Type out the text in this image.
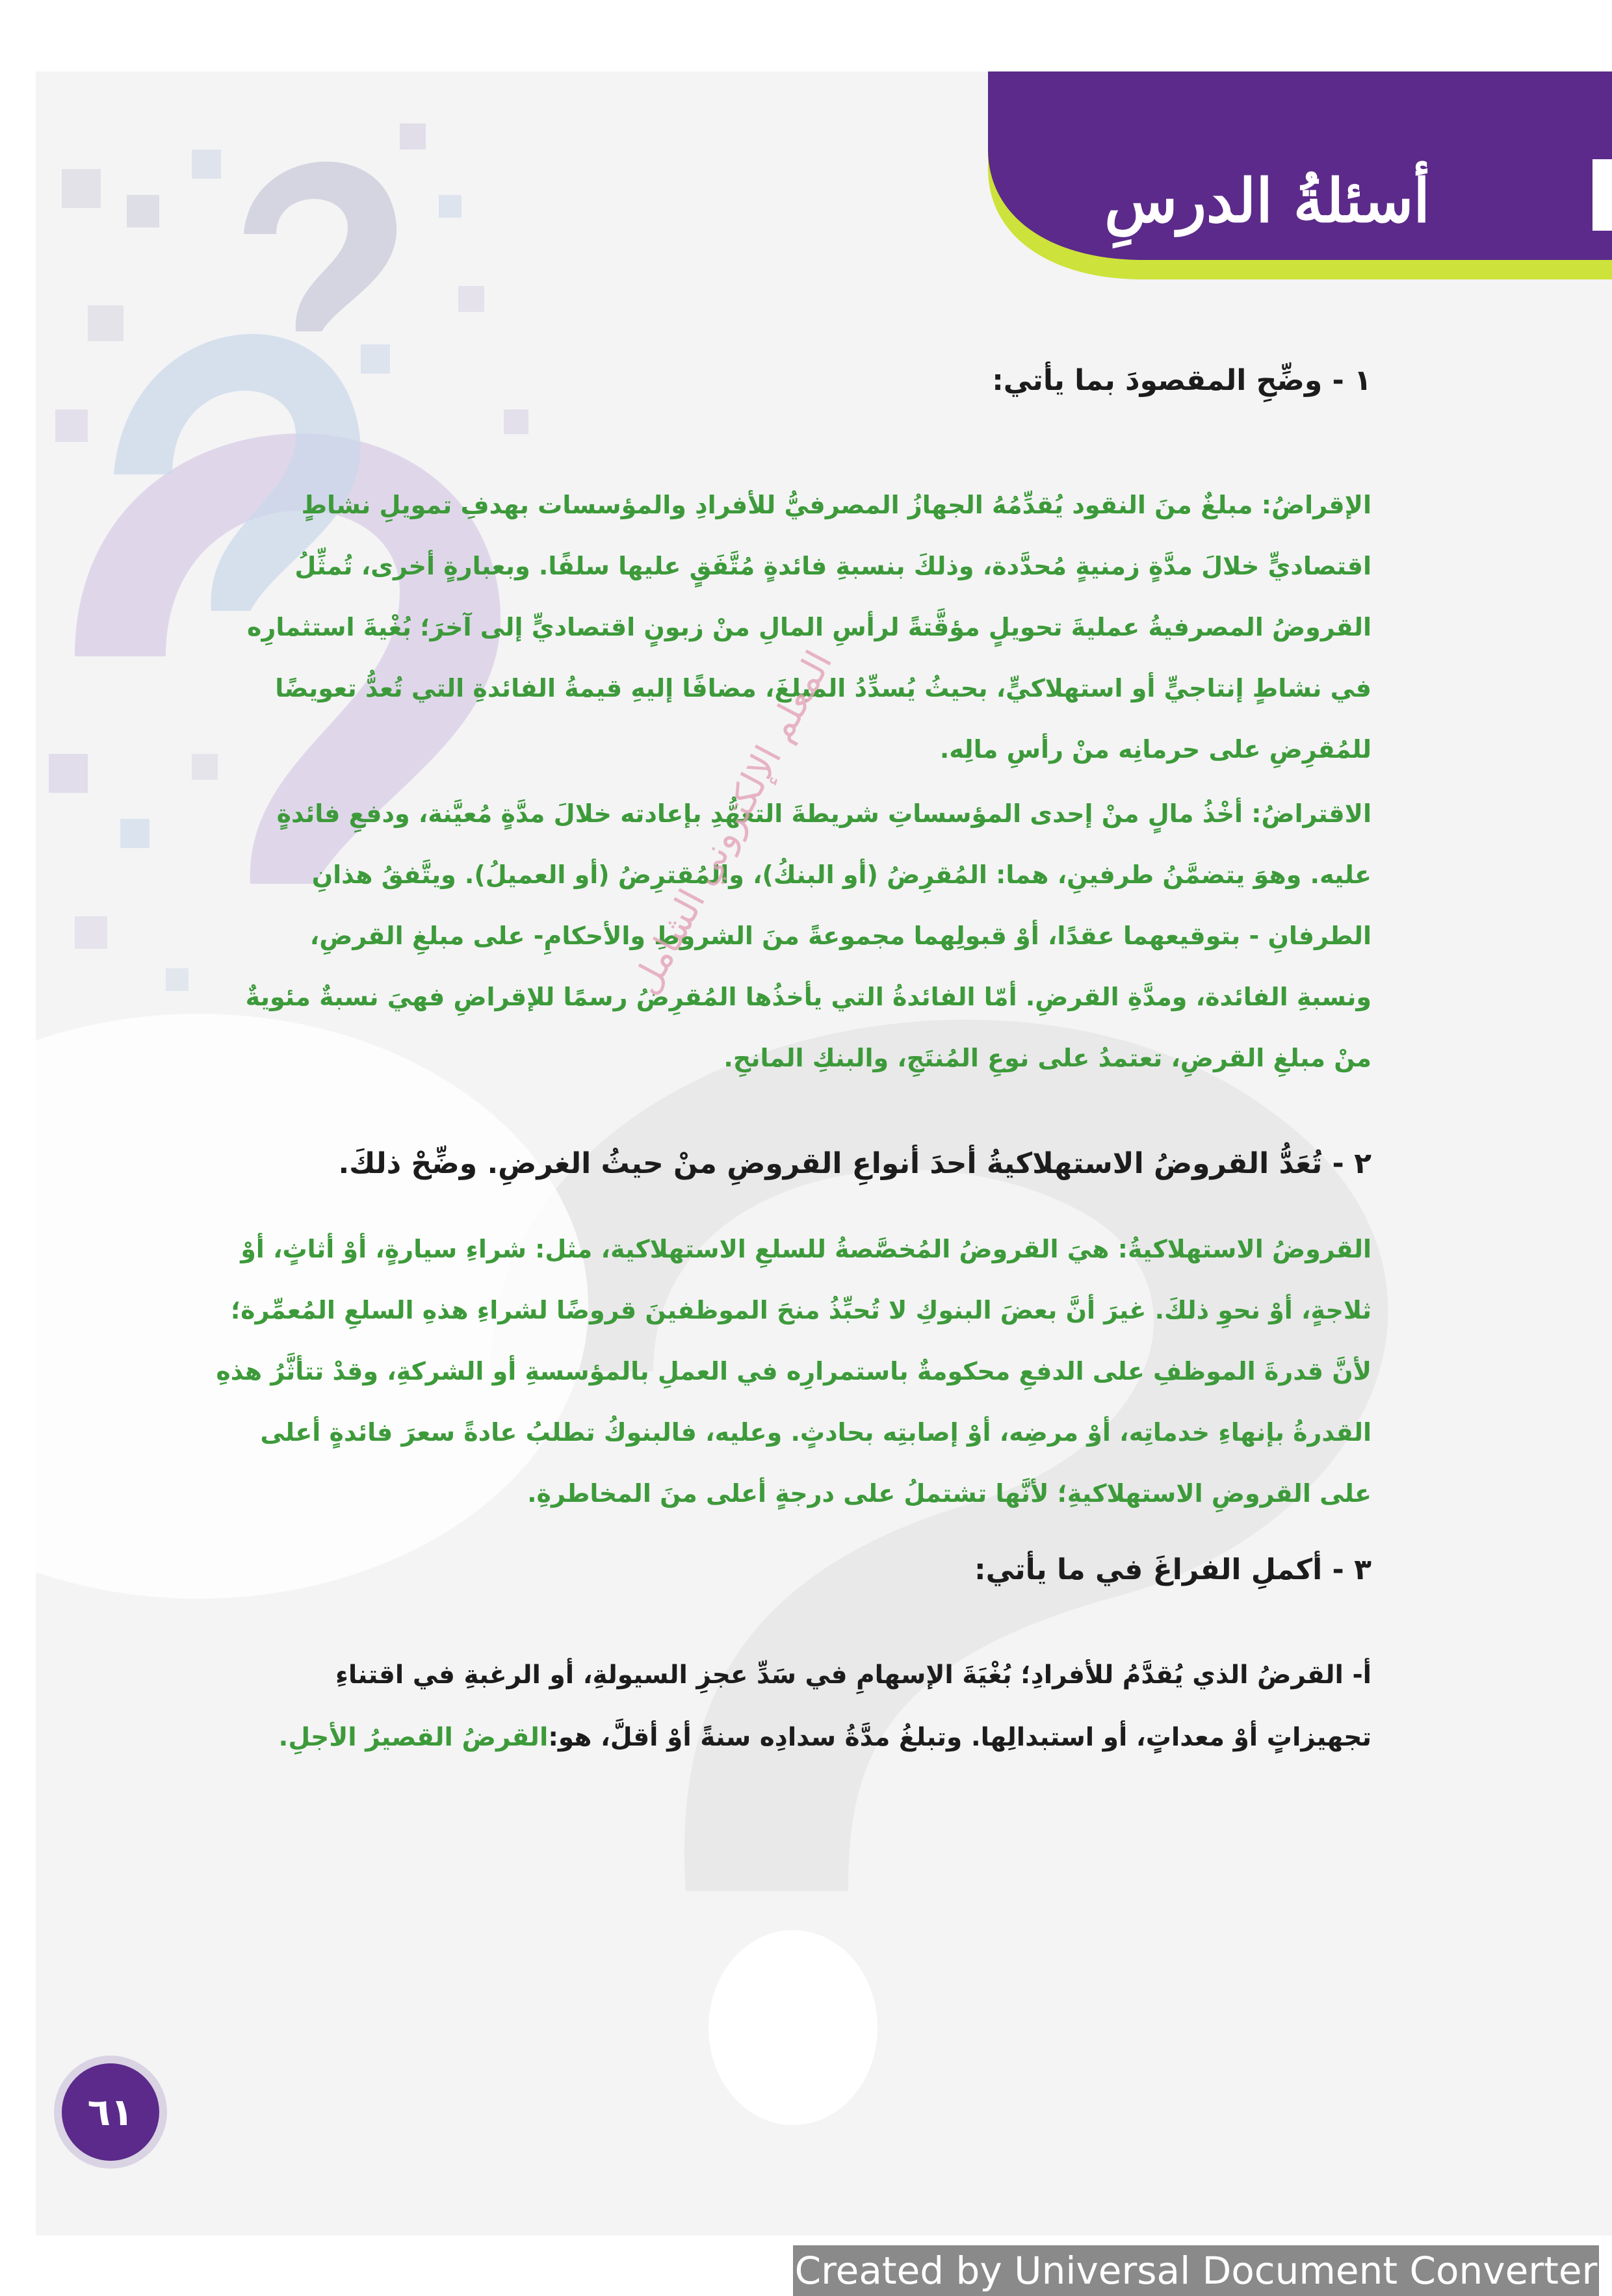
أسئلةُ الدرسِ
١ - وضِّحِ المقصودَ بما يأتي:
الإقراضُ: مبلغٌ منَ النقود يُقدِّمُهُ الجهازُ المصرفيُّ للأفرادِ والمؤسسات بهدفِ تمويلِ نشاطٍ
اقتصاديٍّ خلالَ مدَّةٍ زمنيةٍ مُحدَّدة، وذلكَ بنسبةِ فائدةٍ مُتَّفَقٍ عليها سلفًا. وبعبارةٍ أخرى، تُمثِّلُ
القروضُ المصرفيةُ عمليةَ تحويلٍ مؤقَّتةً لرأسِ المالِ منْ زبونٍ اقتصاديٍّ إلى آخرَ؛ بُغْيةَ استثمارِه
في نشاطٍ إنتاجيٍّ أو استهلاكيٍّ، بحيثُ يُسدِّدُ المبلغَ، مضافًا إليهِ قيمةُ الفائدةِ التي تُعدُّ تعويضًا
للمُقرِضِ على حرمانِه منْ رأسِ مالِه.
الاقتراضُ: أخْذُ مالٍ منْ إحدى المؤسساتِ شريطةَ التعهُّدِ بإعادته خلالَ مدَّةٍ مُعيَّنة، ودفعِ فائدةٍ
عليه. وهوَ يتضمَّنُ طرفينِ، هما: المُقرِضُ (أو البنكُ)، والمُقترِضُ (أو العميلُ). ويتَّفقُ هذانِ
الطرفانِ - بتوقيعهما عقدًا، أوْ قبولِهما مجموعةً منَ الشروطِ والأحكامِ- على مبلغِ القرضِ،
ونسبةِ الفائدة، ومدَّةِ القرضِ. أمّا الفائدةُ التي يأخذُها المُقرِضُ رسمًا للإقراضِ فهيَ نسبةٌ مئويةٌ
منْ مبلغِ القرضِ، تعتمدُ على نوعِ المُنتَجِ، والبنكِ المانحِ.
٢ - تُعَدُّ القروضُ الاستهلاكيةُ أحدَ أنواعِ القروضِ منْ حيثُ الغرضِ. وضِّحْ ذلكَ.
القروضُ الاستهلاكيةُ: هيَ القروضُ المُخصَّصةُ للسلعِ الاستهلاكية، مثل: شراءِ سيارةٍ، أوْ أثاثٍ، أوْ
ثلاجةٍ، أوْ نحوِ ذلكَ. غيرَ أنَّ بعضَ البنوكِ لا تُحبِّذُ منحَ الموظفينَ قروضًا لشراءِ هذهِ السلعِ المُعمِّرة؛
لأنَّ قدرةَ الموظفِ على الدفعِ محكومةٌ باستمرارِه في العملِ بالمؤسسةِ أو الشركةِ، وقدْ تتأثَّرُ هذهِ
القدرةُ بإنهاءِ خدماتِه، أوْ مرضِه، أوْ إصابتِه بحادثٍ. وعليه، فالبنوكُ تطلبُ عادةً سعرَ فائدةٍ أعلى
على القروضِ الاستهلاكيةِ؛ لأنَّها تشتملُ على درجةٍ أعلى منَ المخاطرةِ.
٣ - أكملِ الفراغَ في ما يأتي:
أ- القرضُ الذي يُقدَّمُ للأفرادِ؛ بُغْيَةَ الإسهامِ في سَدِّ عجزِ السيولةِ، أو الرغبةِ في اقتناءِ
تجهيزاتٍ أوْ معداتٍ، أو استبدالِها. وتبلغُ مدَّةُ سدادِه سنةً أوْ أقلَّ، هو:القرضُ القصيرُ الأجلِ.
المعلم الإلكتروني الشامل
٦١
Created by Universal Document Converter
